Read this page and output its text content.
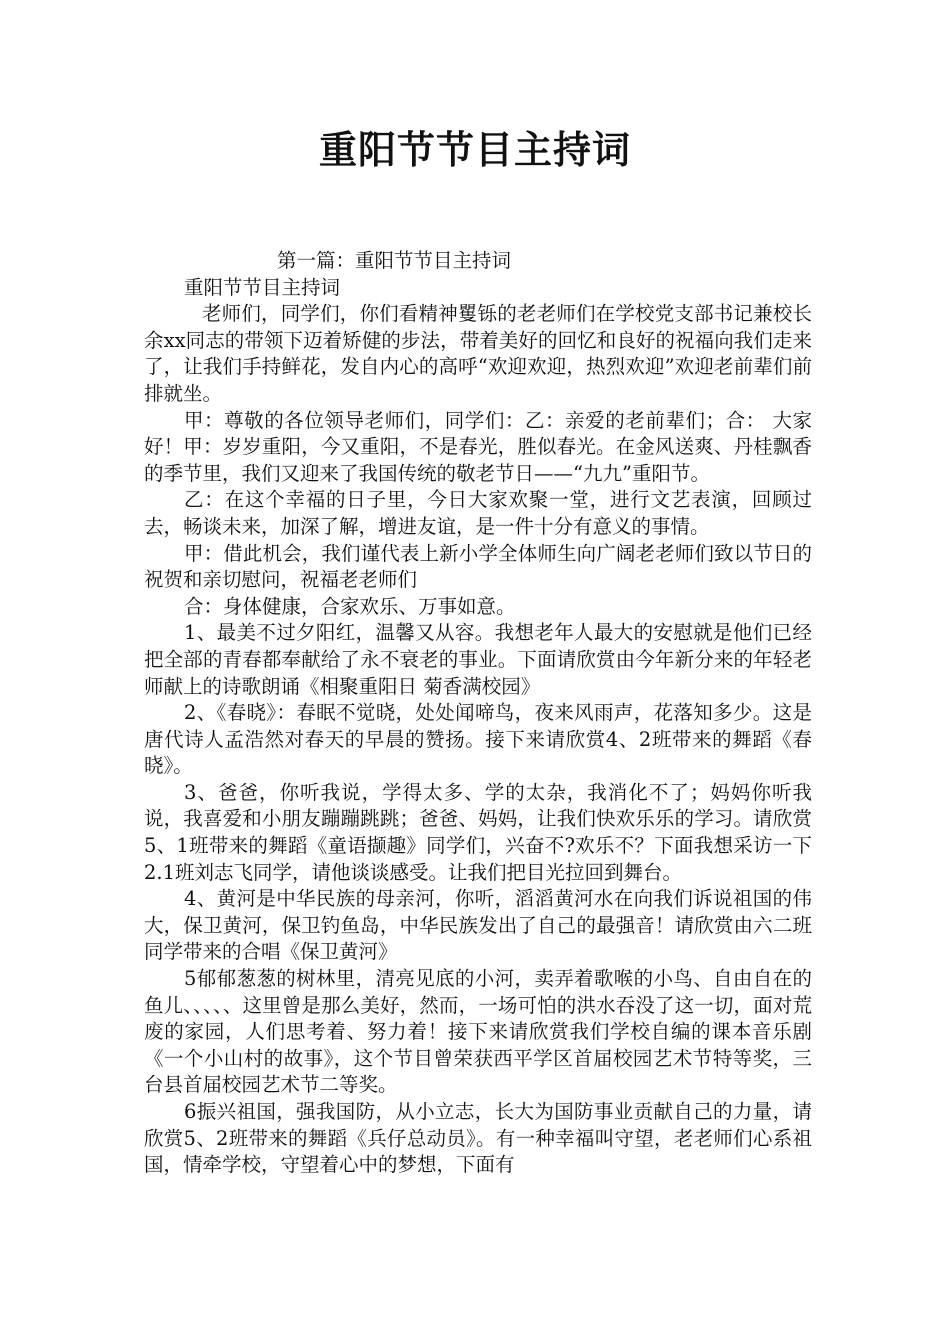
重阳节节目主持词

第一篇：重阳节节目主持词

重阳节节目主持词

老师们，同学们，你们看精神矍铄的老老师们在学校党支部书记兼校长余xx同志的带领下迈着矫健的步法，带着美好的回忆和良好的祝福向我们走来了，让我们手持鲜花，发自内心的高呼“欢迎欢迎，热烈欢迎”欢迎老前辈们前排就坐。

甲：尊敬的各位领导老师们，同学们：乙：亲爱的老前辈们；合： 大家好！甲：岁岁重阳，今又重阳，不是春光，胜似春光。在金风送爽、丹桂飘香的季节里，我们又迎来了我国传统的敬老节日——“九九”重阳节。

乙：在这个幸福的日子里，今日大家欢聚一堂，进行文艺表演，回顾过去，畅谈未来，加深了解，增进友谊，是一件十分有意义的事情。

甲：借此机会，我们谨代表上新小学全体师生向广阔老老师们致以节日的祝贺和亲切慰问，祝福老老师们

合：身体健康，合家欢乐、万事如意。

1、最美不过夕阳红，温馨又从容。我想老年人最大的安慰就是他们已经把全部的青春都奉献给了永不衰老的事业。下面请欣赏由今年新分来的年轻老师献上的诗歌朗诵《相聚重阳日 菊香满校园》

2、《春晓》：春眠不觉晓，处处闻啼鸟，夜来风雨声，花落知多少。这是唐代诗人孟浩然对春天的早晨的赞扬。接下来请欣赏4、2班带来的舞蹈《春晓》。

3、爸爸，你听我说，学得太多、学的太杂，我消化不了；妈妈你听我说，我喜爱和小朋友蹦蹦跳跳；爸爸、妈妈，让我们快欢乐乐的学习。请欣赏5、1班带来的舞蹈《童语撷趣》同学们，兴奋不?欢乐不？下面我想采访一下2.1班刘志飞同学，请他谈谈感受。让我们把目光拉回到舞台。

4、黄河是中华民族的母亲河，你听，滔滔黄河水在向我们诉说祖国的伟大，保卫黄河，保卫钓鱼岛，中华民族发出了自己的最强音！请欣赏由六二班同学带来的合唱《保卫黄河》

5郁郁葱葱的树林里，清亮见底的小河，卖弄着歌喉的小鸟、自由自在的鱼儿、、、、、这里曾是那么美好，然而，一场可怕的洪水吞没了这一切，面对荒废的家园，人们思考着、努力着！接下来请欣赏我们学校自编的课本音乐剧《一个小山村的故事》，这个节目曾荣获西平学区首届校园艺术节特等奖，三台县首届校园艺术节二等奖。

6振兴祖国，强我国防，从小立志，长大为国防事业贡献自己的力量，请欣赏5、2班带来的舞蹈《兵仔总动员》。有一种幸福叫守望，老老师们心系祖国，情牵学校，守望着心中的梦想，下面有
